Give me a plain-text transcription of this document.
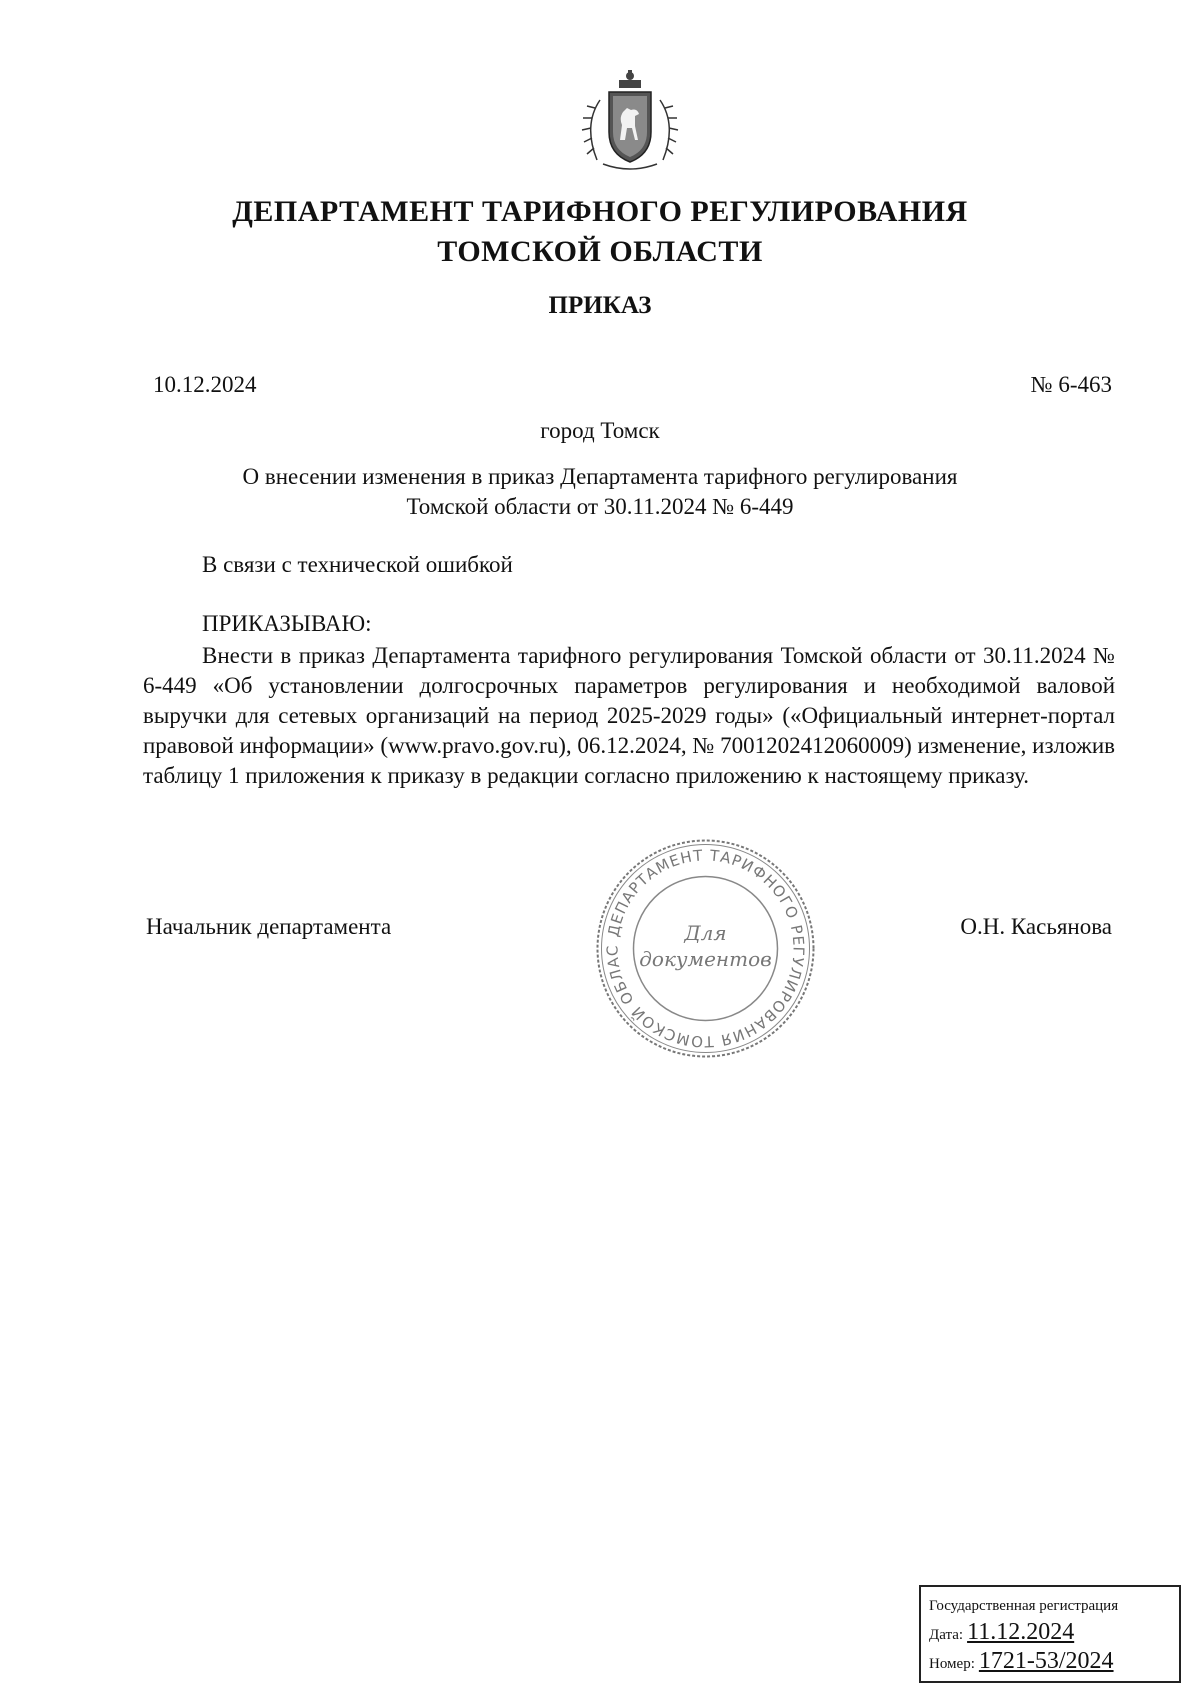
ДЕПАРТАМЕНТ ТАРИФНОГО РЕГУЛИРОВАНИЯ
ТОМСКОЙ ОБЛАСТИ
ПРИКАЗ
10.12.2024	№ 6-463
город Томск
О внесении изменения в приказ Департамента тарифного регулирования
Томской области от 30.11.2024 № 6-449
В связи с технической ошибкой
ПРИКАЗЫВАЮ:

Внести в приказ Департамента тарифного регулирования Томской области от 30.11.2024 № 6-449 «Об установлении долгосрочных параметров регулирования и необходимой валовой выручки для сетевых организаций на период 2025-2029 годы» («Официальный интернет-портал правовой информации» (www.pravo.gov.ru), 06.12.2024, № 7001202412060009) изменение, изложив таблицу 1 приложения к приказу в редакции согласно приложению к настоящему приказу.

Начальник департамента	О.Н. Касьянова
ДЕПАРТАМЕНТ ТАРИФНОГО РЕГУЛИРОВАНИЯ ТОМСКОЙ ОБЛАС
Для
документов
Государственная регистрация
Дата: 11.12.2024
Номер: 1721-53/2024
